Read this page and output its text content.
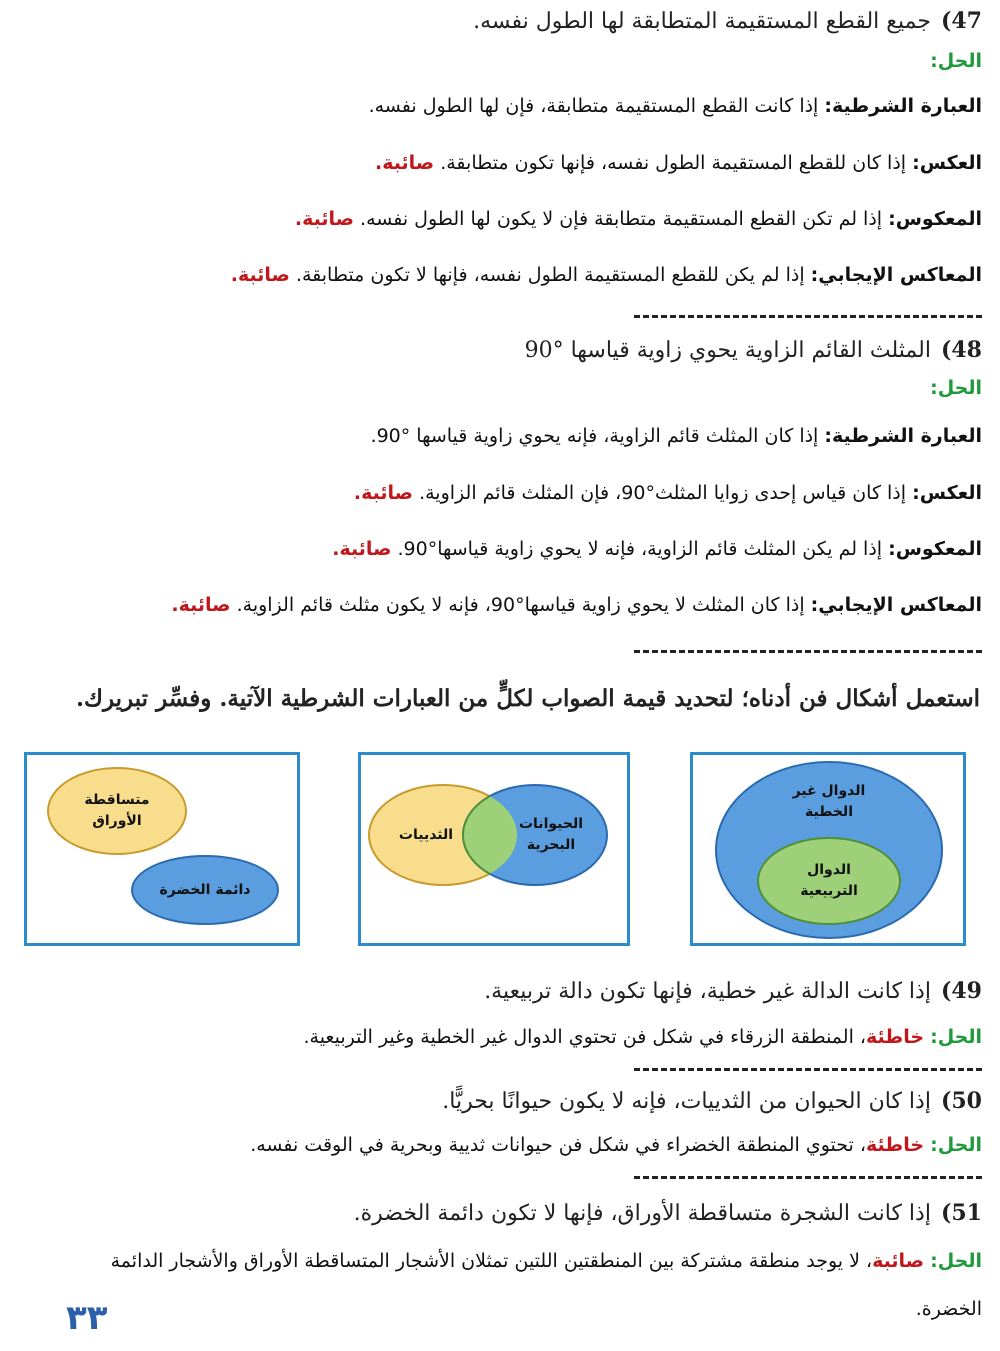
47)جميع القطع المستقيمة المتطابقة لها الطول نفسه.
الحل:
العبارة الشرطية: إذا كانت القطع المستقيمة متطابقة، فإن لها الطول نفسه.
العكس: إذا كان للقطع المستقيمة الطول نفسه، فإنها تكون متطابقة. صائبة.
المعكوس: إذا لم تكن القطع المستقيمة متطابقة فإن لا يكون لها الطول نفسه. صائبة.
المعاكس الإيجابي: إذا لم يكن للقطع المستقيمة الطول نفسه، فإنها لا تكون متطابقة. صائبة.
48)المثلث القائم الزاوية يحوي زاوية قياسها °90
الحل:
العبارة الشرطية: إذا كان المثلث قائم الزاوية، فإنه يحوي زاوية قياسها °90.
العكس: إذا كان قياس إحدى زوايا المثلث°90، فإن المثلث قائم الزاوية. صائبة.
المعكوس: إذا لم يكن المثلث قائم الزاوية، فإنه لا يحوي زاوية قياسها°90. صائبة.
المعاكس الإيجابي: إذا كان المثلث لا يحوي زاوية قياسها°90، فإنه لا يكون مثلث قائم الزاوية. صائبة.
استعمل أشكال فن أدناه؛ لتحديد قيمة الصواب لكلٍّ من العبارات الشرطية الآتية. وفسِّر تبريرك.
الدوال غير الخطية
الدوال التربيعية
الثدييات
الحيوانات البحرية
متساقطة الأوراق
دائمة الخضرة
49)إذا كانت الدالة غير خطية، فإنها تكون دالة تربيعية.
الحل: خاطئة، المنطقة الزرقاء في شكل فن تحتوي الدوال غير الخطية وغير التربيعية.
50)إذا كان الحيوان من الثدييات، فإنه لا يكون حيوانًا بحريًّا.
الحل: خاطئة، تحتوي المنطقة الخضراء في شكل فن حيوانات ثديية وبحرية في الوقت نفسه.
51)إذا كانت الشجرة متساقطة الأوراق، فإنها لا تكون دائمة الخضرة.
الحل: صائبة، لا يوجد منطقة مشتركة بين المنطقتين اللتين تمثلان الأشجار المتساقطة الأوراق والأشجار الدائمة
الخضرة.
٣٣
